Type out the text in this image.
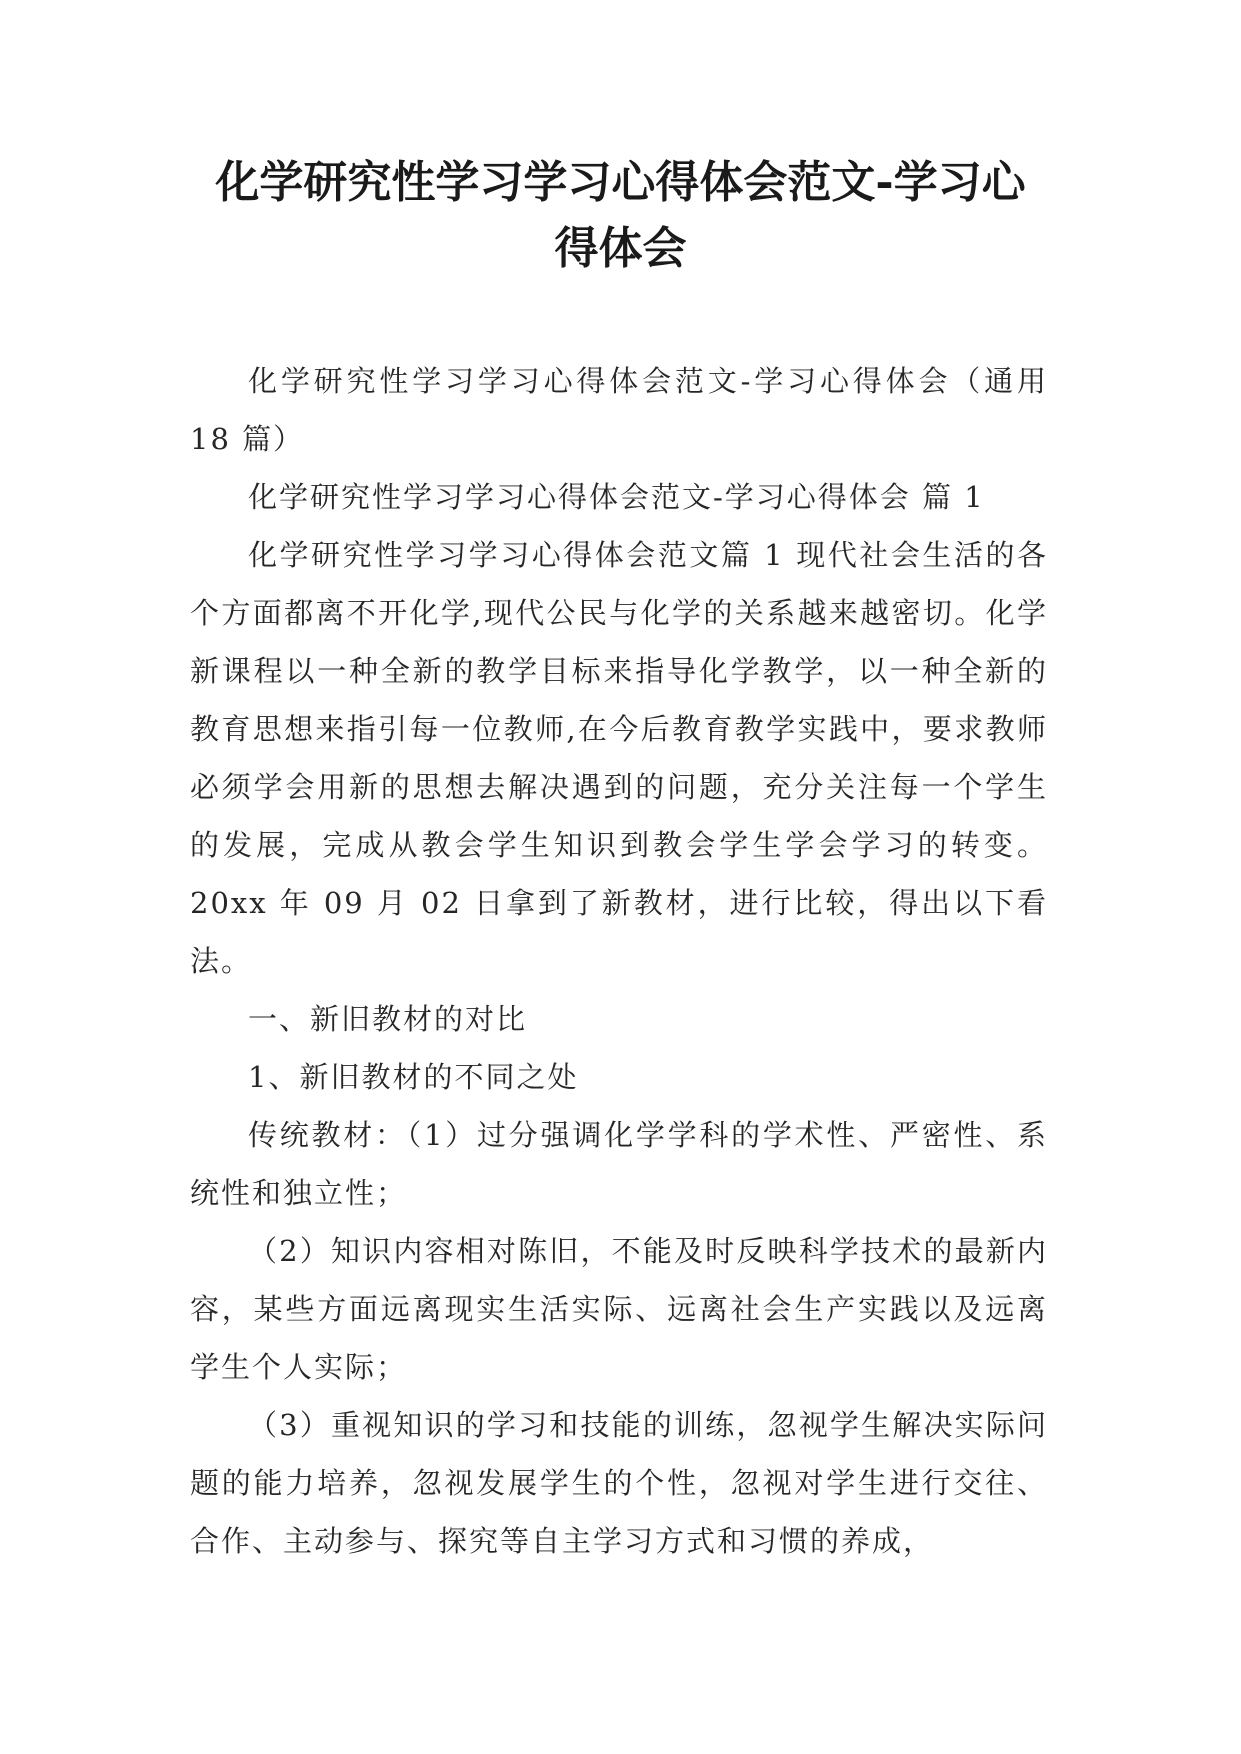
化学研究性学习学习心得体会范文-学习心
得体会

化学研究性学习学习心得体会范文-学习心得体会（通用 18 篇）

化学研究性学习学习心得体会范文-学习心得体会 篇 1

化学研究性学习学习心得体会范文篇 1 现代社会生活的各个方面都离不开化学,现代公民与化学的关系越来越密切。化学新课程以一种全新的教学目标来指导化学教学，以一种全新的教育思想来指引每一位教师,在今后教育教学实践中，要求教师必须学会用新的思想去解决遇到的问题，充分关注每一个学生的发展，完成从教会学生知识到教会学生学会学习的转变。20xx 年 09 月 02 日拿到了新教材，进行比较，得出以下看法。

一、新旧教材的对比

1、新旧教材的不同之处

传统教材：（1）过分强调化学学科的学术性、严密性、系统性和独立性；

（2）知识内容相对陈旧，不能及时反映科学技术的最新内容，某些方面远离现实生活实际、远离社会生产实践以及远离学生个人实际；

（3）重视知识的学习和技能的训练，忽视学生解决实际问题的能力培养，忽视发展学生的个性，忽视对学生进行交往、合作、主动参与、探究等自主学习方式和习惯的养成，
